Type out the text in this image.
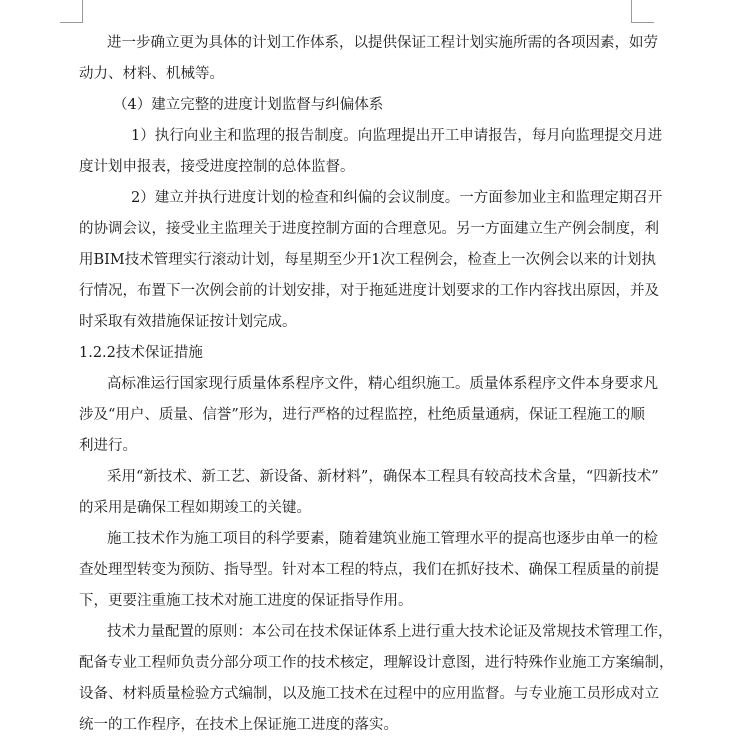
进一步确立更为具体的计划工作体系，以提供保证工程计划实施所需的各项因素，如劳
动力、材料、机械等。
（4）建立完整的进度计划监督与纠偏体系
1）执行向业主和监理的报告制度。向监理提出开工申请报告，每月向监理提交月进
度计划申报表，接受进度控制的总体监督。
2）建立并执行进度计划的检查和纠偏的会议制度。一方面参加业主和监理定期召开
的协调会议，接受业主监理关于进度控制方面的合理意见。另一方面建立生产例会制度，利
用BIM技术管理实行滚动计划，每星期至少开1次工程例会，检查上一次例会以来的计划执
行情况，布置下一次例会前的计划安排，对于拖延进度计划要求的工作内容找出原因，并及
时采取有效措施保证按计划完成。
1.2.2技术保证措施
高标准运行国家现行质量体系程序文件，精心组织施工。质量体系程序文件本身要求凡
涉及“用户、质量、信誉”形为，进行严格的过程监控，杜绝质量通病，保证工程施工的顺
利进行。
采用“新技术、新工艺、新设备、新材料”，确保本工程具有较高技术含量，“四新技术”
的采用是确保工程如期竣工的关键。
施工技术作为施工项目的科学要素，随着建筑业施工管理水平的提高也逐步由单一的检
查处理型转变为预防、指导型。针对本工程的特点，我们在抓好技术、确保工程质量的前提
下，更要注重施工技术对施工进度的保证指导作用。
技术力量配置的原则：本公司在技术保证体系上进行重大技术论证及常规技术管理工作，
配备专业工程师负责分部分项工作的技术核定，理解设计意图，进行特殊作业施工方案编制，
设备、材料质量检验方式编制，以及施工技术在过程中的应用监督。与专业施工员形成对立
统一的工作程序，在技术上保证施工进度的落实。
